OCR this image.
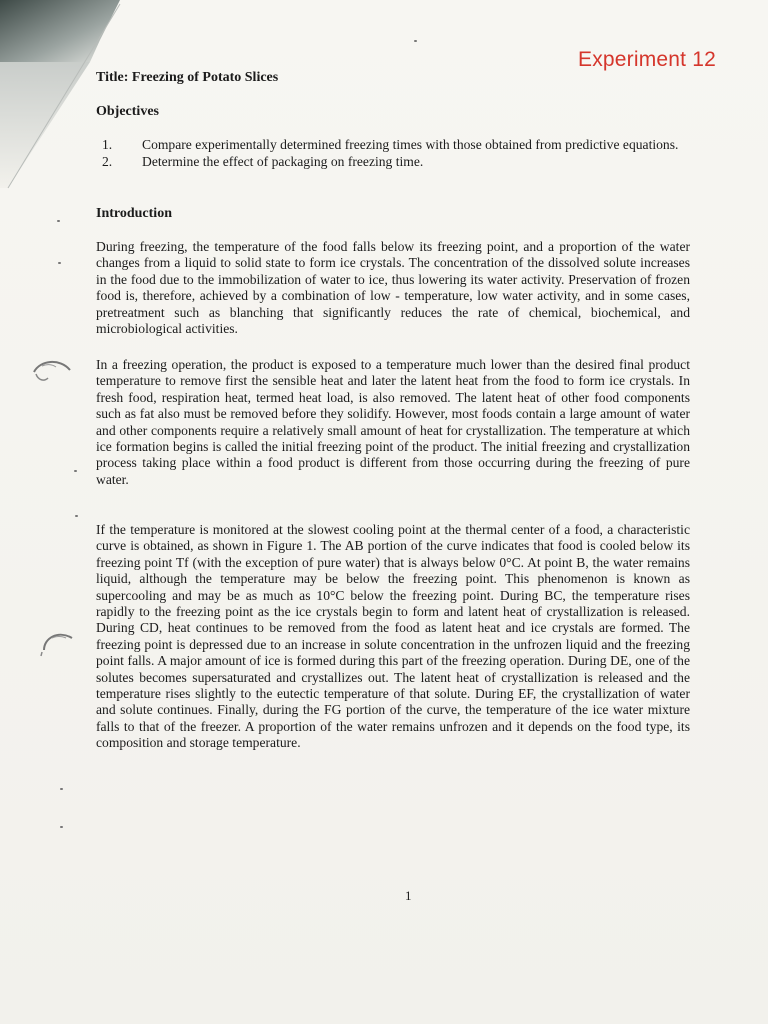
Experiment 12
Title: Freezing of Potato Slices
Objectives
1. Compare experimentally determined freezing times with those obtained from predictive equations.
2. Determine the effect of packaging on freezing time.
Introduction

During freezing, the temperature of the food falls below its freezing point, and a proportion of the water changes from a liquid to solid state to form ice crystals. The concentration of the dissolved solute increases in the food due to the immobilization of water to ice, thus lowering its water activity. Preservation of frozen food is, therefore, achieved by a combination of low - temperature, low water activity, and in some cases, pretreatment such as blanching that significantly reduces the rate of chemical, biochemical, and microbiological activities.

In a freezing operation, the product is exposed to a temperature much lower than the desired final product temperature to remove first the sensible heat and later the latent heat from the food to form ice crystals. In fresh food, respiration heat, termed heat load, is also removed. The latent heat of other food components such as fat also must be removed before they solidify. However, most foods contain a large amount of water and other components require a relatively small amount of heat for crystallization. The temperature at which ice formation begins is called the initial freezing point of the product. The initial freezing and crystallization process taking place within a food product is different from those occurring during the freezing of pure water.

If the temperature is monitored at the slowest cooling point at the thermal center of a food, a characteristic curve is obtained, as shown in Figure 1. The AB portion of the curve indicates that food is cooled below its freezing point Tf (with the exception of pure water) that is always below 0°C. At point B, the water remains liquid, although the temperature may be below the freezing point. This phenomenon is known as supercooling and may be as much as 10°C below the freezing point. During BC, the temperature rises rapidly to the freezing point as the ice crystals begin to form and latent heat of crystallization is released. During CD, heat continues to be removed from the food as latent heat and ice crystals are formed. The freezing point is depressed due to an increase in solute concentration in the unfrozen liquid and the freezing point falls. A major amount of ice is formed during this part of the freezing operation. During DE, one of the solutes becomes supersaturated and crystallizes out. The latent heat of crystallization is released and the temperature rises slightly to the eutectic temperature of that solute. During EF, the crystallization of water and solute continues. Finally, during the FG portion of the curve, the temperature of the ice water mixture falls to that of the freezer. A proportion of the water remains unfrozen and it depends on the food type, its composition and storage temperature.

1
